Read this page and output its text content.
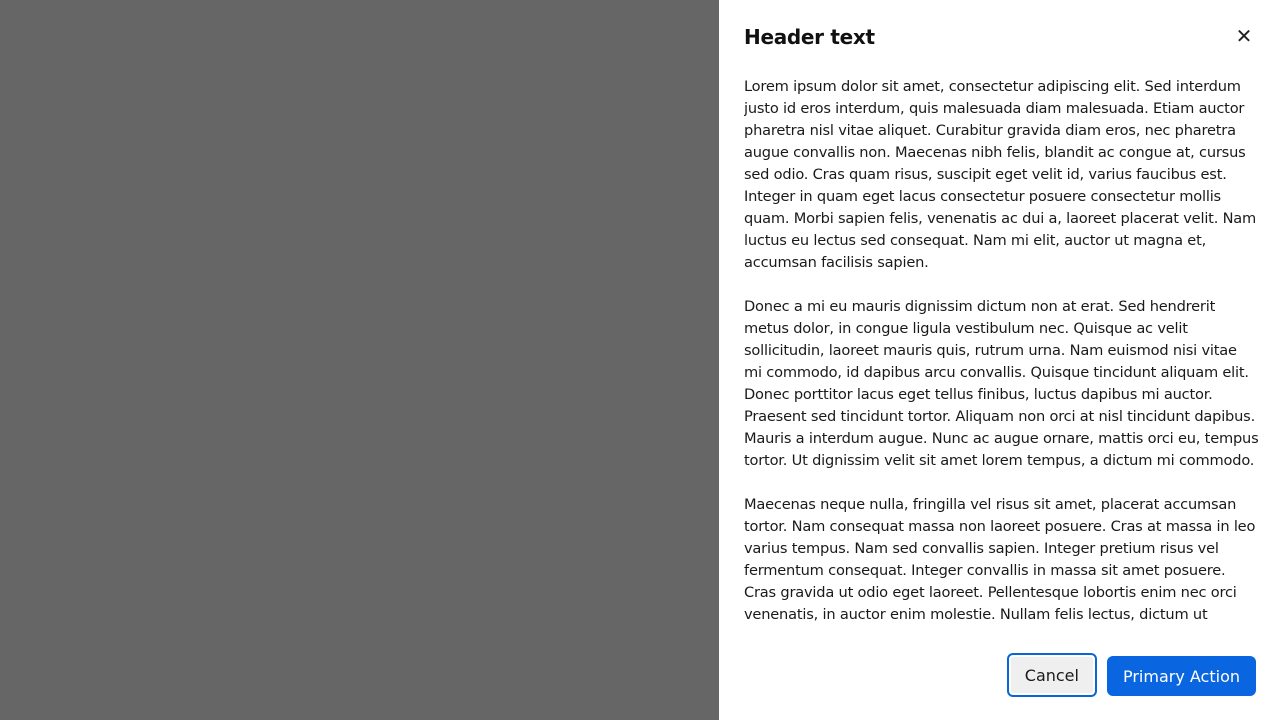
Header text	✕

Lorem ipsum dolor sit amet, consectetur adipiscing elit. Sed interdum justo id eros interdum, quis malesuada diam malesuada. Etiam auctor pharetra nisl vitae aliquet. Curabitur gravida diam eros, nec pharetra augue convallis non. Maecenas nibh felis, blandit ac congue at, cursus sed odio. Cras quam risus, suscipit eget velit id, varius faucibus est. Integer in quam eget lacus consectetur posuere consectetur mollis quam. Morbi sapien felis, venenatis ac dui a, laoreet placerat velit. Nam luctus eu lectus sed consequat. Nam mi elit, auctor ut magna et, accumsan facilisis sapien.

Donec a mi eu mauris dignissim dictum non at erat. Sed hendrerit metus dolor, in congue ligula vestibulum nec. Quisque ac velit sollicitudin, laoreet mauris quis, rutrum urna. Nam euismod nisi vitae mi commodo, id dapibus arcu convallis. Quisque tincidunt aliquam elit. Donec porttitor lacus eget tellus finibus, luctus dapibus mi auctor. Praesent sed tincidunt tortor. Aliquam non orci at nisl tincidunt dapibus. Mauris a interdum augue. Nunc ac augue ornare, mattis orci eu, tempus tortor. Ut dignissim velit sit amet lorem tempus, a dictum mi commodo.

Maecenas neque nulla, fringilla vel risus sit amet, placerat accumsan tortor. Nam consequat massa non laoreet posuere. Cras at massa in leo varius tempus. Nam sed convallis sapien. Integer pretium risus vel fermentum consequat. Integer convallis in massa sit amet posuere. Cras gravida ut odio eget laoreet. Pellentesque lobortis enim nec orci venenatis, in auctor enim molestie. Nullam felis lectus, dictum ut

Cancel	Primary Action
